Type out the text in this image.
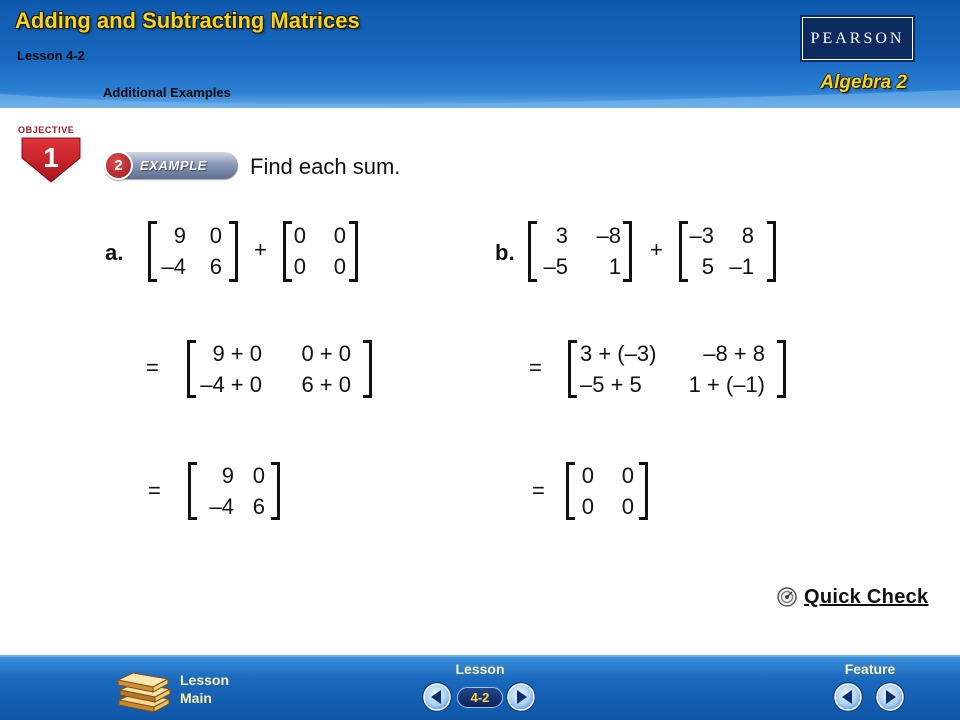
Adding and Subtracting Matrices
Lesson 4-2
Additional Examples
PEARSON
Algebra 2
OBJECTIVE
1	2	EXAMPLE Find each sum.
a.
9	0
–4	6
+
0	0
0	0
=
9 + 0	0 + 0
–4 + 0	6 + 0
=
9 0
–4 6
b.
3	–8
–5	1
+
–3	8
5 –1
=
3 + (–3)	–8 + 8
–5 + 5	1 + (–1)
=
0	0
0	0
Quick Check
Lesson
Main
Lesson	Feature
4-2
